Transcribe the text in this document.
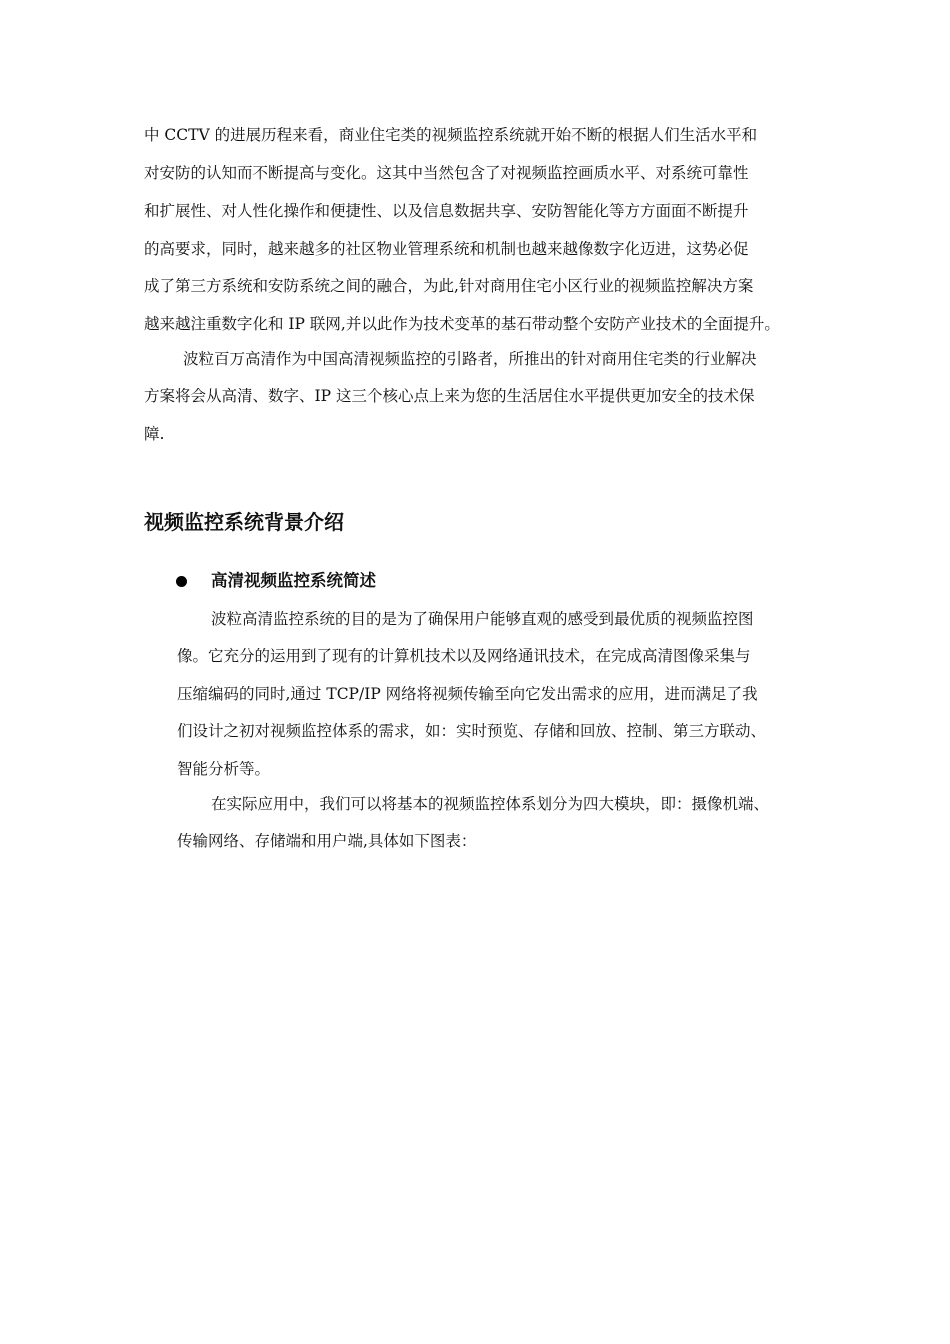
中 CCTV 的进展历程来看，商业住宅类的视频监控系统就开始不断的根据人们生活水平和
对安防的认知而不断提高与变化。这其中当然包含了对视频监控画质水平、对系统可靠性
和扩展性、对人性化操作和便捷性、以及信息数据共享、安防智能化等方方面面不断提升
的高要求，同时，越来越多的社区物业管理系统和机制也越来越像数字化迈进，这势必促
成了第三方系统和安防系统之间的融合，为此,针对商用住宅小区行业的视频监控解决方案
越来越注重数字化和 IP 联网,并以此作为技术变革的基石带动整个安防产业技术的全面提升。
波粒百万高清作为中国高清视频监控的引路者，所推出的针对商用住宅类的行业解决
方案将会从高清、数字、IP 这三个核心点上来为您的生活居住水平提供更加安全的技术保
障.
视频监控系统背景介绍
高清视频监控系统简述
波粒高清监控系统的目的是为了确保用户能够直观的感受到最优质的视频监控图
像。它充分的运用到了现有的计算机技术以及网络通讯技术，在完成高清图像采集与
压缩编码的同时,通过 TCP/IP 网络将视频传输至向它发出需求的应用，进而满足了我
们设计之初对视频监控体系的需求，如：实时预览、存储和回放、控制、第三方联动、
智能分析等。
在实际应用中，我们可以将基本的视频监控体系划分为四大模块，即：摄像机端、
传输网络、存储端和用户端,具体如下图表：
